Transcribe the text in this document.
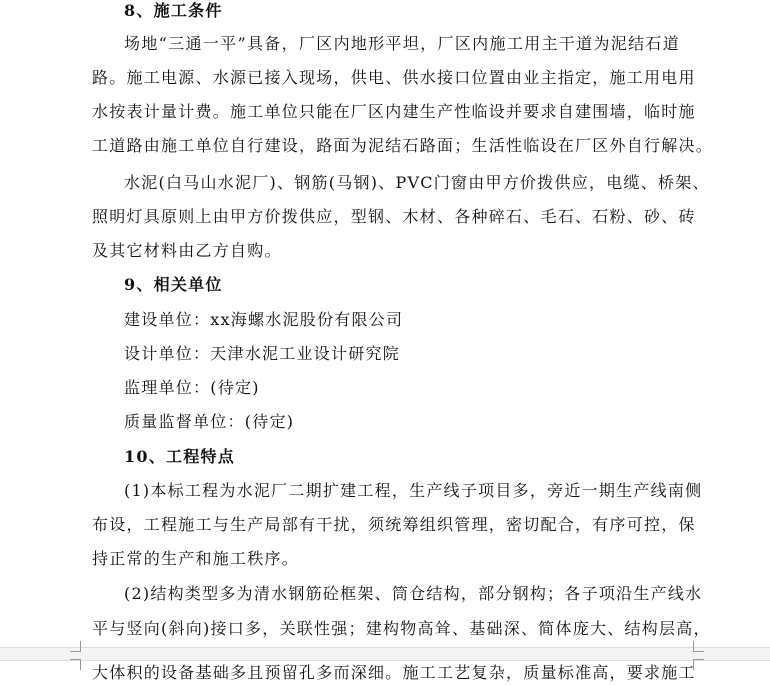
8、施工条件
场地“三通一平”具备，厂区内地形平坦，厂区内施工用主干道为泥结石道
路。施工电源、水源已接入现场，供电、供水接口位置由业主指定，施工用电用
水按表计量计费。施工单位只能在厂区内建生产性临设并要求自建围墙，临时施
工道路由施工单位自行建设，路面为泥结石路面；生活性临设在厂区外自行解决。
水泥(白马山水泥厂)、钢筋(马钢)、PVC门窗由甲方价拨供应，电缆、桥架、
照明灯具原则上由甲方价拨供应，型钢、木材、各种碎石、毛石、石粉、砂、砖
及其它材料由乙方自购。
9、相关单位
建设单位：xx海螺水泥股份有限公司
设计单位：天津水泥工业设计研究院
监理单位：(待定)
质量监督单位：(待定)
10、工程特点
(1)本标工程为水泥厂二期扩建工程，生产线子项目多，旁近一期生产线南侧
布设，工程施工与生产局部有干扰，须统筹组织管理，密切配合，有序可控，保
持正常的生产和施工秩序。
(2)结构类型多为清水钢筋砼框架、筒仓结构，部分钢构；各子项沿生产线水
平与竖向(斜向)接口多，关联性强；建构物高耸、基础深、简体庞大、结构层高，
大体积的设备基础多且预留孔多而深细。施工工艺复杂，质量标准高，要求施工
